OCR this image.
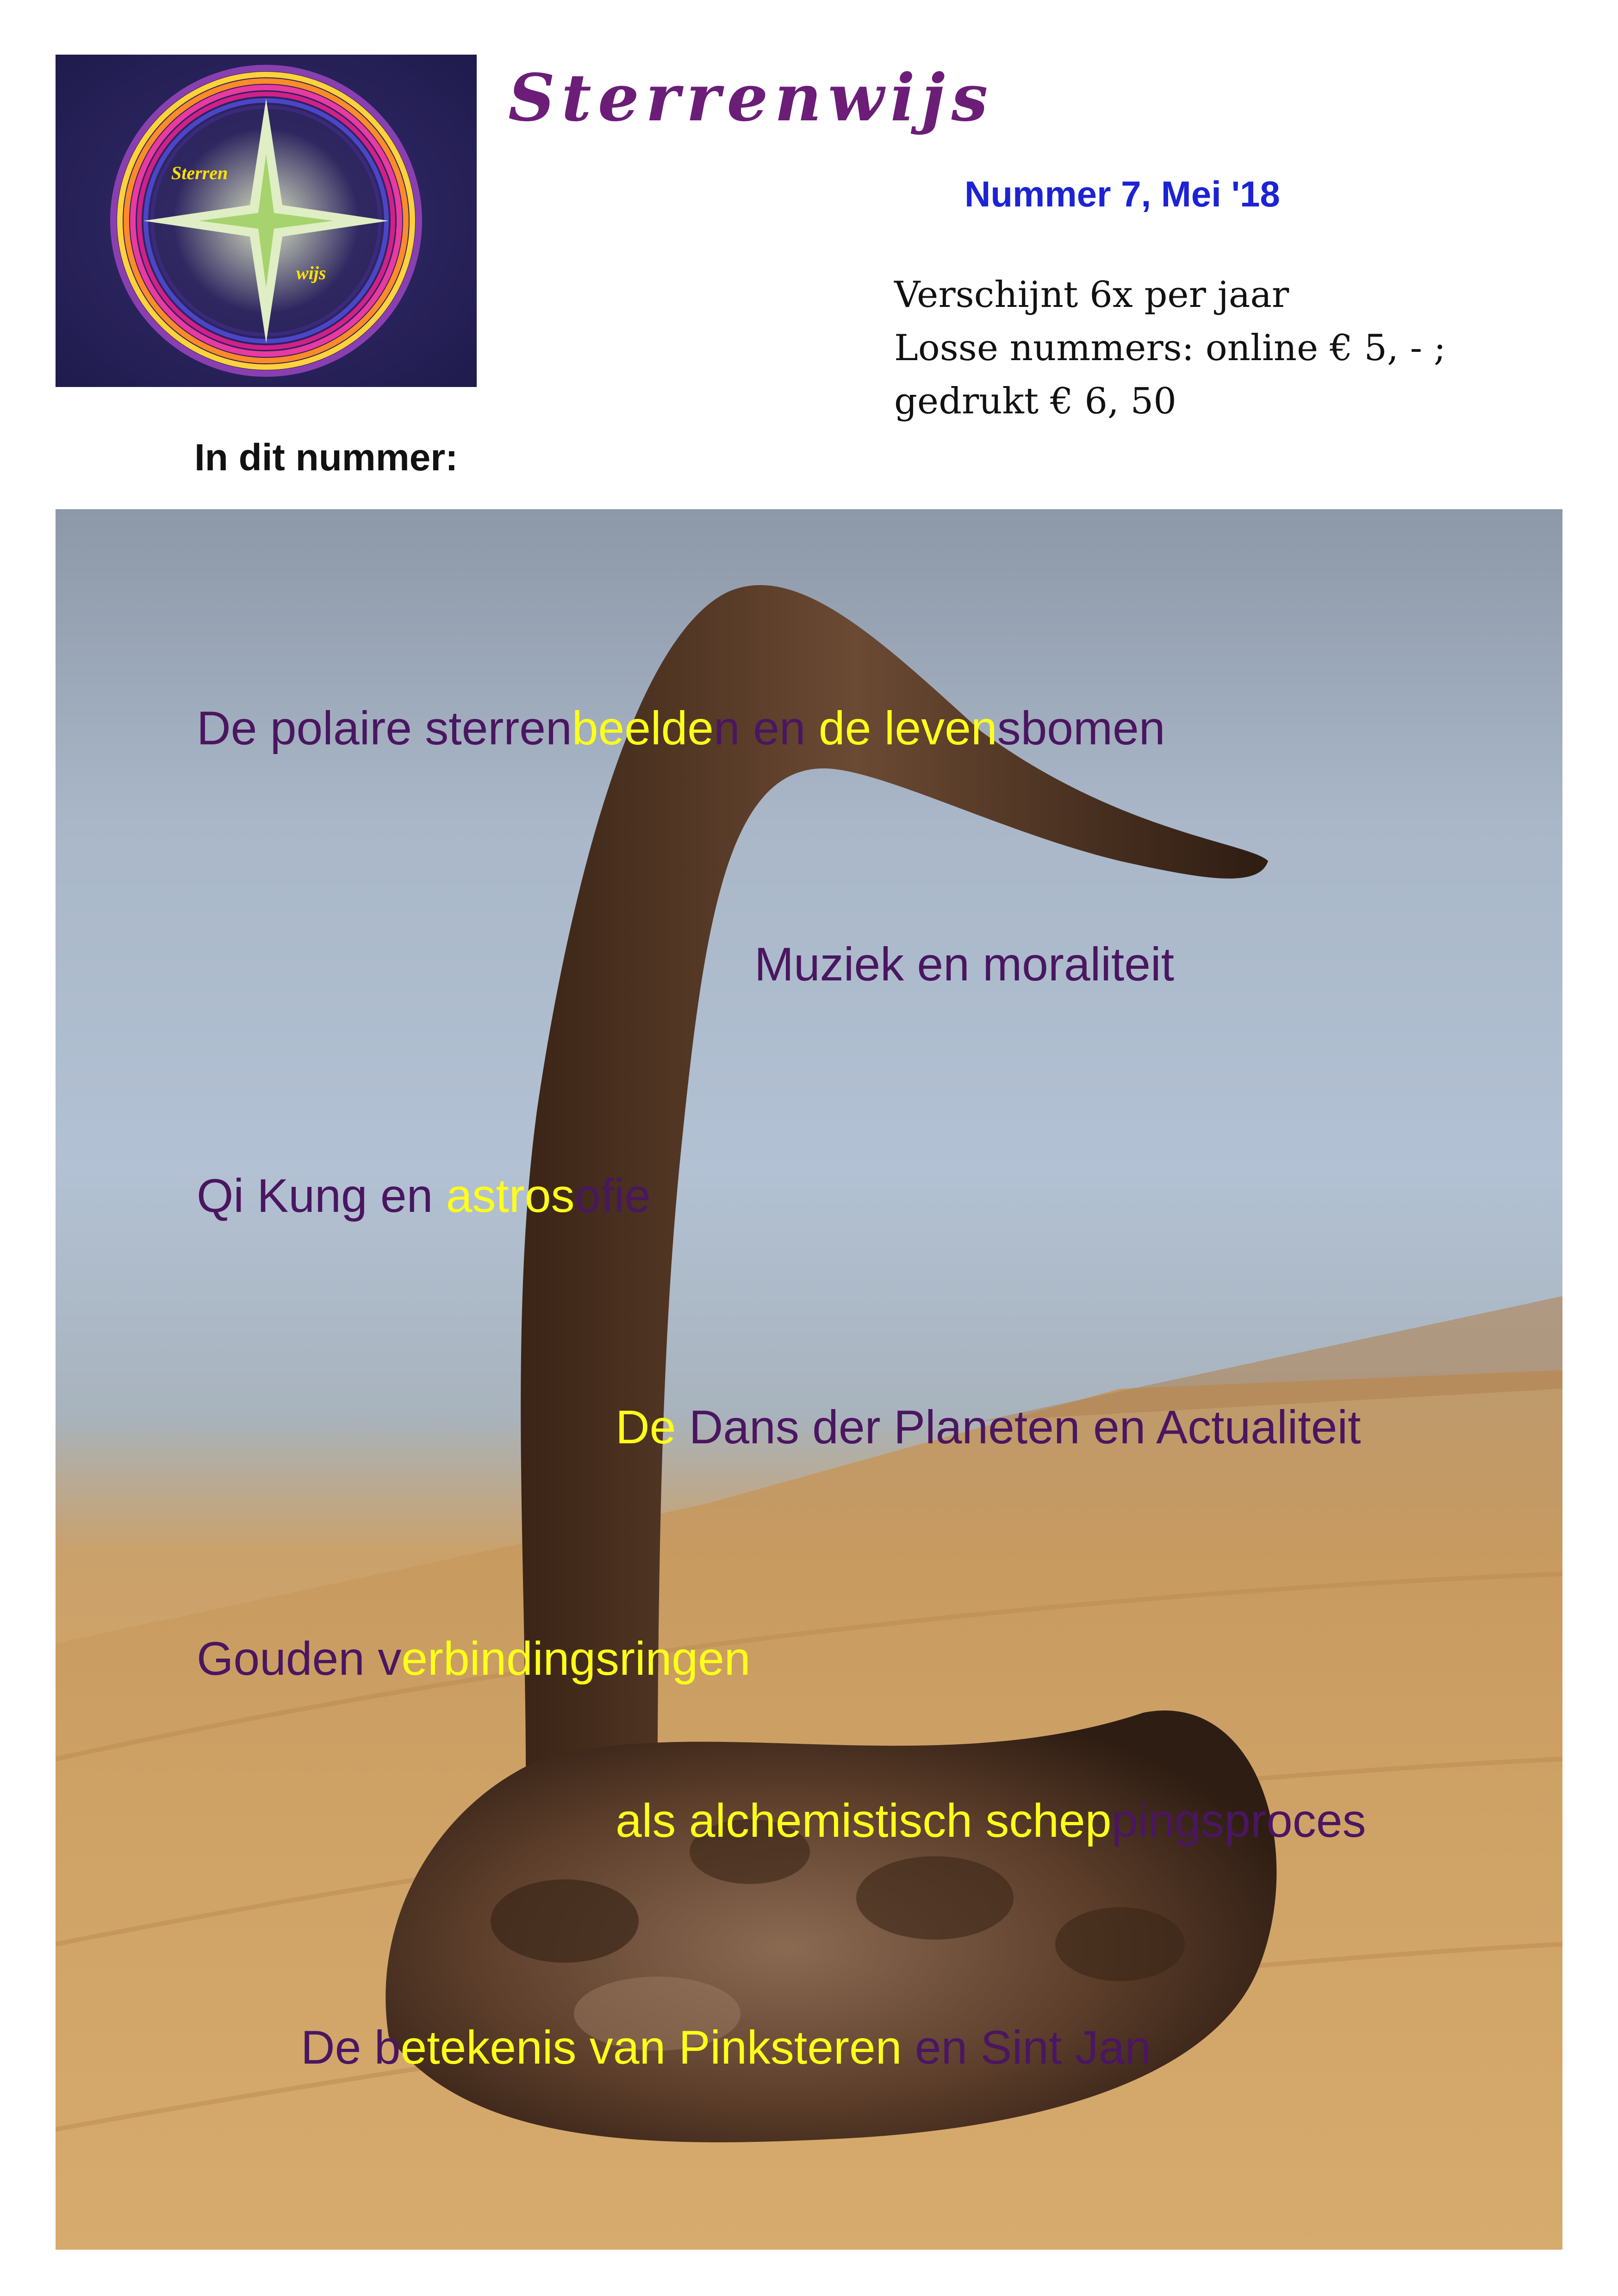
Sterren
wijs
Sterrenwijs

Nummer 7, Mei '18

Verschijnt 6x per jaar
Losse nummers: online € 5, - ;
gedrukt € 6, 50

In dit nummer:

De polaire sterrenbeelden en de levensbomen

Muziek en moraliteit

Qi Kung en astrosofie

De Dans der Planeten en Actualiteit

Gouden verbindingsringen

als alchemistisch scheppingsproces

De betekenis van Pinksteren en Sint Jan
